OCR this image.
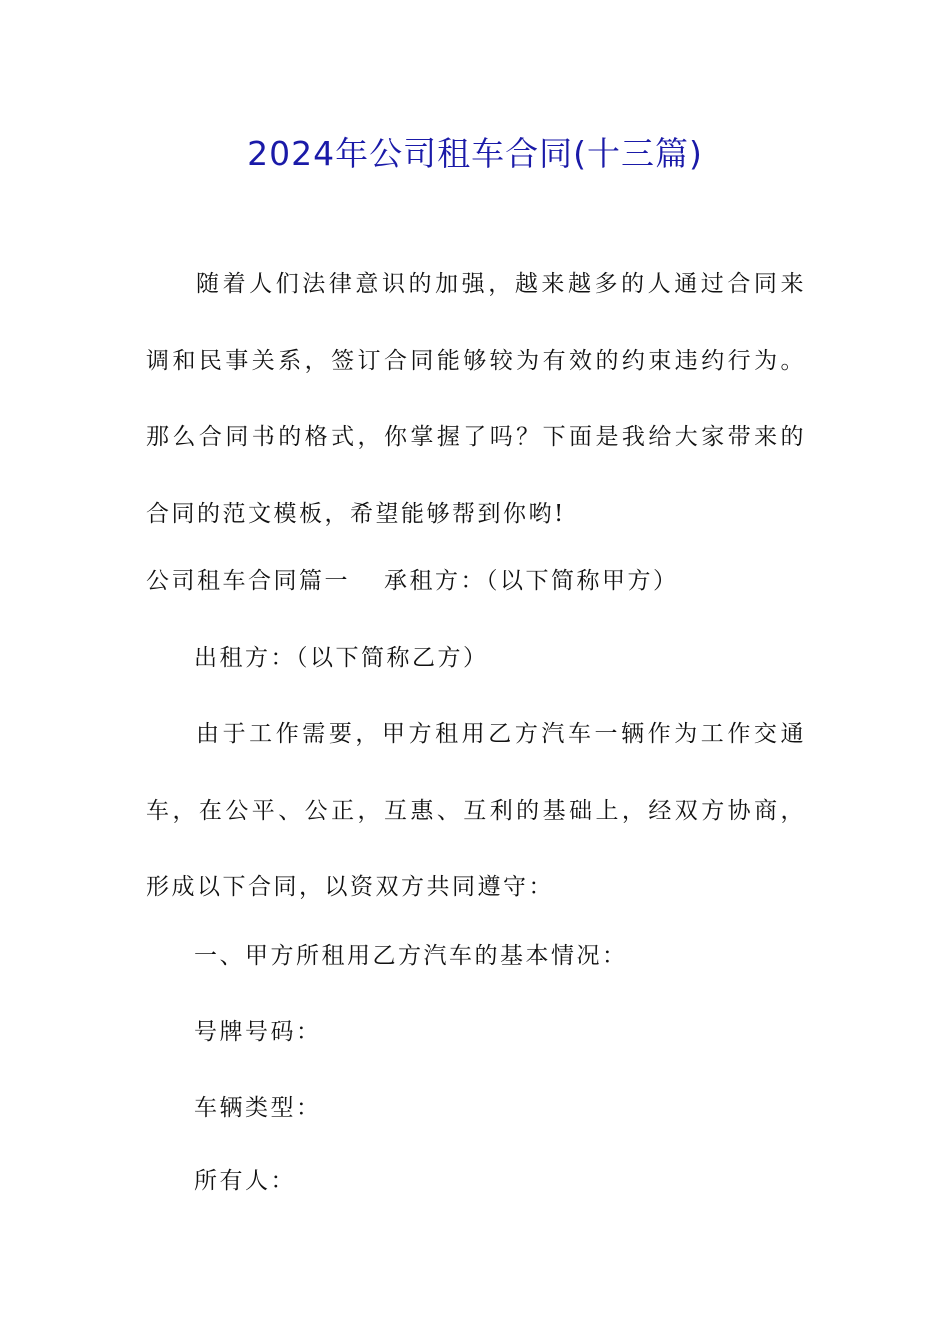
2024年公司租车合同(十三篇)
随着人们法律意识的加强，越来越多的人通过合同来调和民事关系，签订合同能够较为有效的约束违约行为。那么合同书的格式，你掌握了吗？下面是我给大家带来的合同的范文模板，希望能够帮到你哟!
公司租车合同篇一 承租方：（以下简称甲方）
出租方：（以下简称乙方）
由于工作需要，甲方租用乙方汽车一辆作为工作交通车，在公平、公正，互惠、互利的基础上，经双方协商，形成以下合同，以资双方共同遵守：
一、甲方所租用乙方汽车的基本情况：
号牌号码：
车辆类型：
所有人：
